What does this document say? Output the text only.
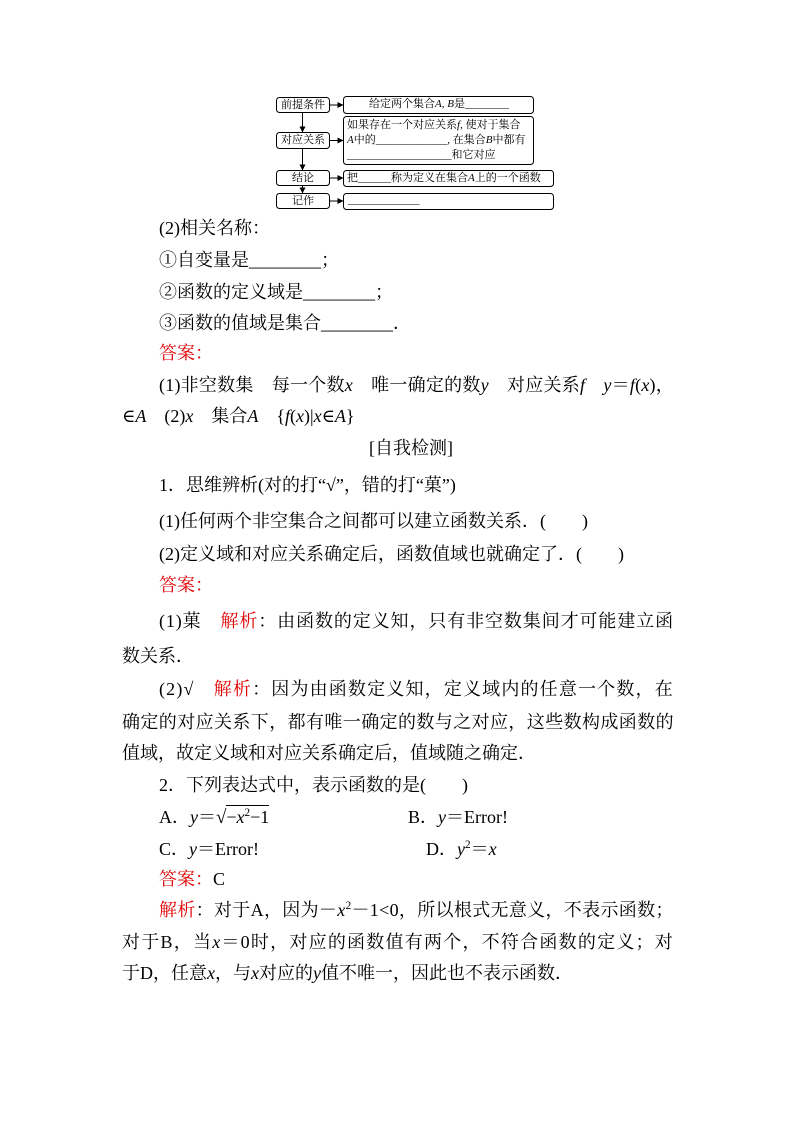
前提条件
对应关系
结论
记作
给定两个集合A, B是________
如果存在一个对应关系f, 使对于集合
A中的_____________, 在集合B中都有
___________________和它对应
把______称为定义在集合A上的一个函数
_____________
(2)相关名称：
①自变量是________；
②函数的定义域是________；
③函数的值域是集合________．
答案：
(1)非空数集　每一个数x　唯一确定的数y　对应关系f　 y＝f(x)，
∈A　(2)x　集合A　{f(x)|x∈A}
[自我检测]
1．思维辨析(对的打“√”，错的打“菓”)
(1)任何两个非空集合之间都可以建立函数关系．(　　)
(2)定义域和对应关系确定后，函数值域也就确定了．(　　)
答案：
(1)菓　解析：由函数的定义知，只有非空数集间才可能建立函
数关系．
(2)√　解析：因为由函数定义知，定义域内的任意一个数，在
确定的对应关系下，都有唯一确定的数与之对应，这些数构成函数的
值域，故定义域和对应关系确定后，值域随之确定．
2．下列表达式中，表示函数的是(　　)
A．$y=√-x^2-1$	B．y＝Error!
C．y＝Error!	D．$y^2=x$
答案：C
解析：对于A，因为$-x^2-1<0$，所以根式无意义，不表示函数；
对于B，当x＝0时，对应的函数值有两个，不符合函数的定义；对
于D，任意x，与x对应的y值不唯一，因此也不表示函数．
